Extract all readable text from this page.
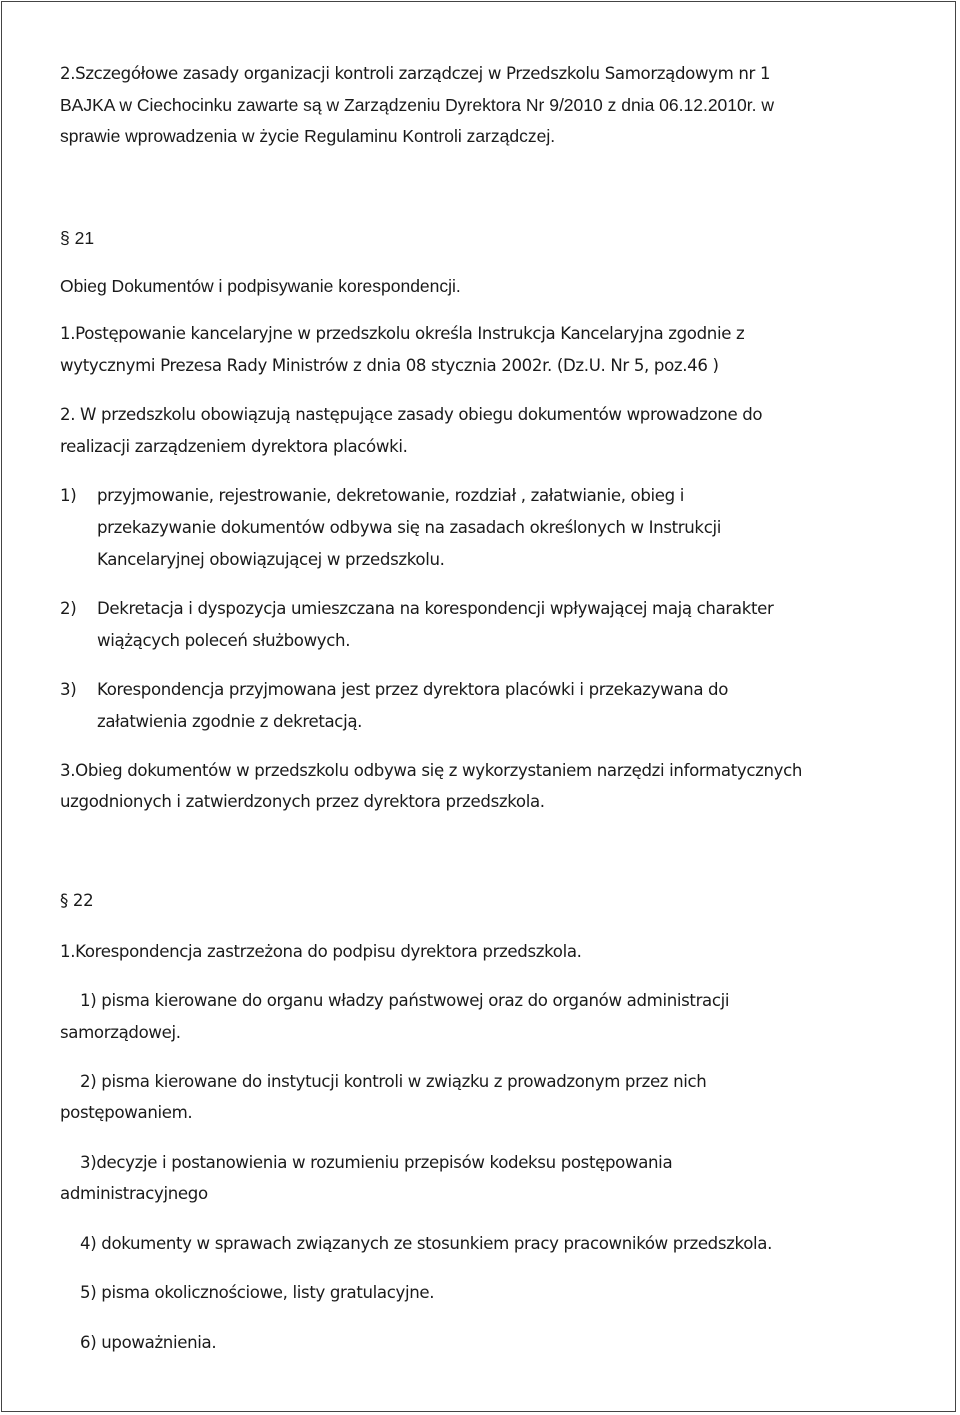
2.Szczegółowe zasady organizacji kontroli zarządczej w Przedszkolu Samorządowym nr 1

BAJKA w Ciechocinku zawarte są w Zarządzeniu Dyrektora Nr 9/2010 z dnia 06.12.2010r. w

sprawie wprowadzenia w życie Regulaminu Kontroli zarządczej.

§ 21

Obieg Dokumentów i podpisywanie korespondencji.

1.Postępowanie kancelaryjne w przedszkolu określa Instrukcja Kancelaryjna zgodnie z

wytycznymi Prezesa Rady Ministrów z dnia 08 stycznia 2002r. (Dz.U. Nr 5, poz.46 )

2. W przedszkolu obowiązują następujące zasady obiegu dokumentów wprowadzone do

realizacji zarządzeniem dyrektora placówki.

1) przyjmowanie, rejestrowanie, dekretowanie, rozdział , załatwianie, obieg i

przekazywanie dokumentów odbywa się na zasadach określonych w Instrukcji

Kancelaryjnej obowiązującej w przedszkolu.

2) Dekretacja i dyspozycja umieszczana na korespondencji wpływającej mają charakter

wiążących poleceń służbowych.

3) Korespondencja przyjmowana jest przez dyrektora placówki i przekazywana do

załatwienia zgodnie z dekretacją.

3.Obieg dokumentów w przedszkolu odbywa się z wykorzystaniem narzędzi informatycznych

uzgodnionych i zatwierdzonych przez dyrektora przedszkola.

§ 22

1.Korespondencja zastrzeżona do podpisu dyrektora przedszkola.

1) pisma kierowane do organu władzy państwowej oraz do organów administracji

samorządowej.

2) pisma kierowane do instytucji kontroli w związku z prowadzonym przez nich

postępowaniem.

3)decyzje i postanowienia w rozumieniu przepisów kodeksu postępowania

administracyjnego

4) dokumenty w sprawach związanych ze stosunkiem pracy pracowników przedszkola.

5) pisma okolicznościowe, listy gratulacyjne.

6) upoważnienia.
